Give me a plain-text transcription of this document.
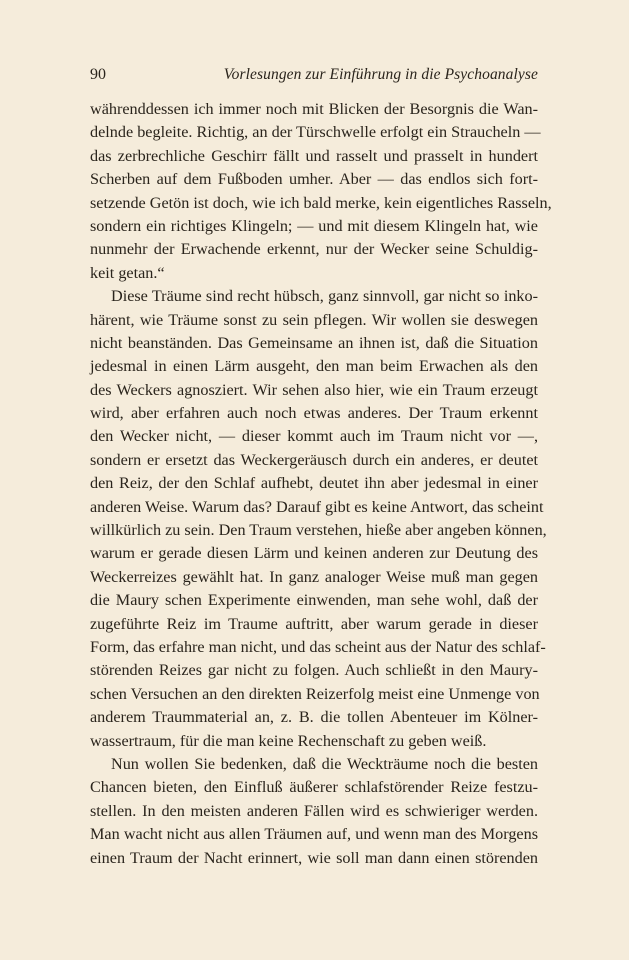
90	Vorlesungen zur Einführung in die Psychoanalyse
währenddessen ich immer noch mit Blicken der Besorgnis die Wan-
delnde begleite. Richtig, an der Türschwelle erfolgt ein Straucheln —
das zerbrechliche Geschirr fällt und rasselt und prasselt in hundert
Scherben auf dem Fußboden umher. Aber — das endlos sich fort-
setzende Getön ist doch, wie ich bald merke, kein eigentliches Rasseln,
sondern ein richtiges Klingeln; — und mit diesem Klingeln hat, wie
nunmehr der Erwachende erkennt, nur der Wecker seine Schuldig-
keit getan.“
Diese Träume sind recht hübsch, ganz sinnvoll, gar nicht so inko-
härent, wie Träume sonst zu sein pflegen. Wir wollen sie deswegen
nicht beanständen. Das Gemeinsame an ihnen ist, daß die Situation
jedesmal in einen Lärm ausgeht, den man beim Erwachen als den
des Weckers agnosziert. Wir sehen also hier, wie ein Traum erzeugt
wird, aber erfahren auch noch etwas anderes. Der Traum erkennt
den Wecker nicht, — dieser kommt auch im Traum nicht vor —,
sondern er ersetzt das Weckergeräusch durch ein anderes, er deutet
den Reiz, der den Schlaf aufhebt, deutet ihn aber jedesmal in einer
anderen Weise. Warum das? Darauf gibt es keine Antwort, das scheint
willkürlich zu sein. Den Traum verstehen, hieße aber angeben können,
warum er gerade diesen Lärm und keinen anderen zur Deutung des
Weckerreizes gewählt hat. In ganz analoger Weise muß man gegen
die Maury schen Experimente einwenden, man sehe wohl, daß der
zugeführte Reiz im Traume auftritt, aber warum gerade in dieser
Form, das erfahre man nicht, und das scheint aus der Natur des schlaf-
störenden Reizes gar nicht zu folgen. Auch schließt in den Maury-
schen Versuchen an den direkten Reizerfolg meist eine Unmenge von
anderem Traummaterial an, z. B. die tollen Abenteuer im Kölner-
wassertraum, für die man keine Rechenschaft zu geben weiß.
Nun wollen Sie bedenken, daß die Weckträume noch die besten
Chancen bieten, den Einfluß äußerer schlafstörender Reize festzu-
stellen. In den meisten anderen Fällen wird es schwieriger werden.
Man wacht nicht aus allen Träumen auf, und wenn man des Morgens
einen Traum der Nacht erinnert, wie soll man dann einen störenden
